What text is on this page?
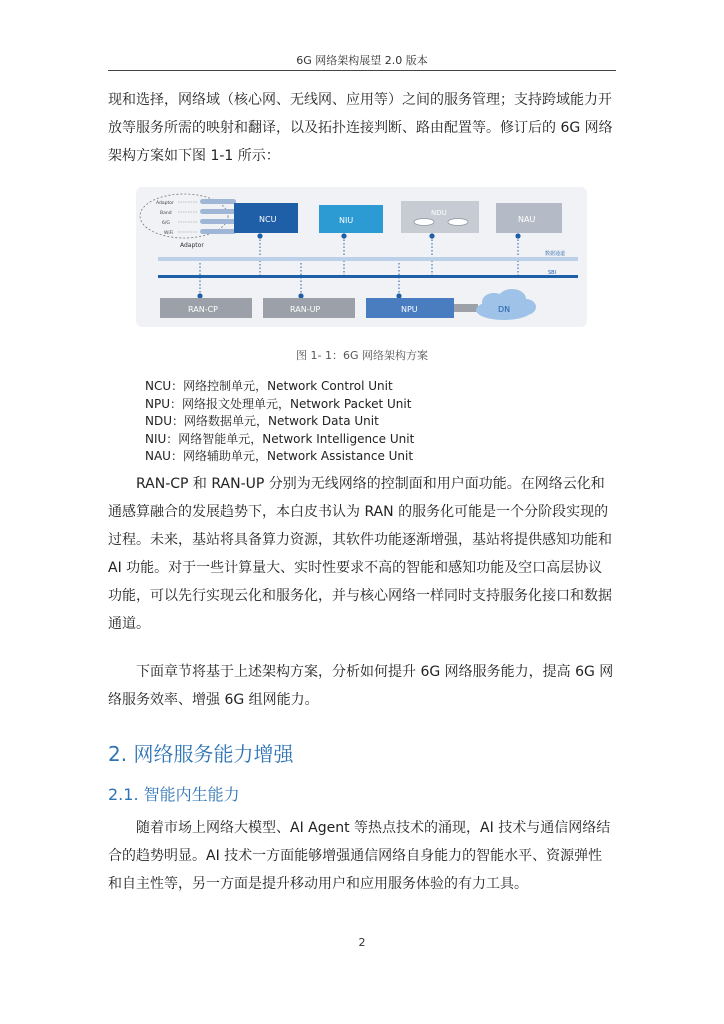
6G 网络架构展望 2.0 版本

现和选择，网络域（核心网、无线网、应用等）之间的服务管理；支持跨域能力开放等服务所需的映射和翻译，以及拓扑连接判断、路由配置等。修订后的 6G 网络架构方案如下图 1-1 所示：

Adaptor
Band
6/G
WiFi
Adaptor
NCU	NIU
NDU
NAU
数据通道
SBI
RAN-CP	RAN-UP	NPU	DN
图 1- 1：6G 网络架构方案
NCU：网络控制单元，Network Control Unit
NPU：网络报文处理单元，Network Packet Unit
NDU：网络数据单元，Network Data Unit
NIU：网络智能单元，Network Intelligence Unit
NAU：网络辅助单元，Network Assistance Unit

RAN-CP 和 RAN-UP 分别为无线网络的控制面和用户面功能。在网络云化和通感算融合的发展趋势下，本白皮书认为 RAN 的服务化可能是一个分阶段实现的过程。未来，基站将具备算力资源，其软件功能逐渐增强，基站将提供感知功能和 AI 功能。对于一些计算量大、实时性要求不高的智能和感知功能及空口高层协议功能，可以先行实现云化和服务化，并与核心网络一样同时支持服务化接口和数据通道。

下面章节将基于上述架构方案，分析如何提升 6G 网络服务能力，提高 6G 网络服务效率、增强 6G 组网能力。

2. 网络服务能力增强
2.1. 智能内生能力

随着市场上网络大模型、AI Agent 等热点技术的涌现，AI 技术与通信网络结合的趋势明显。AI 技术一方面能够增强通信网络自身能力的智能水平、资源弹性和自主性等，另一方面是提升移动用户和应用服务体验的有力工具。

2
